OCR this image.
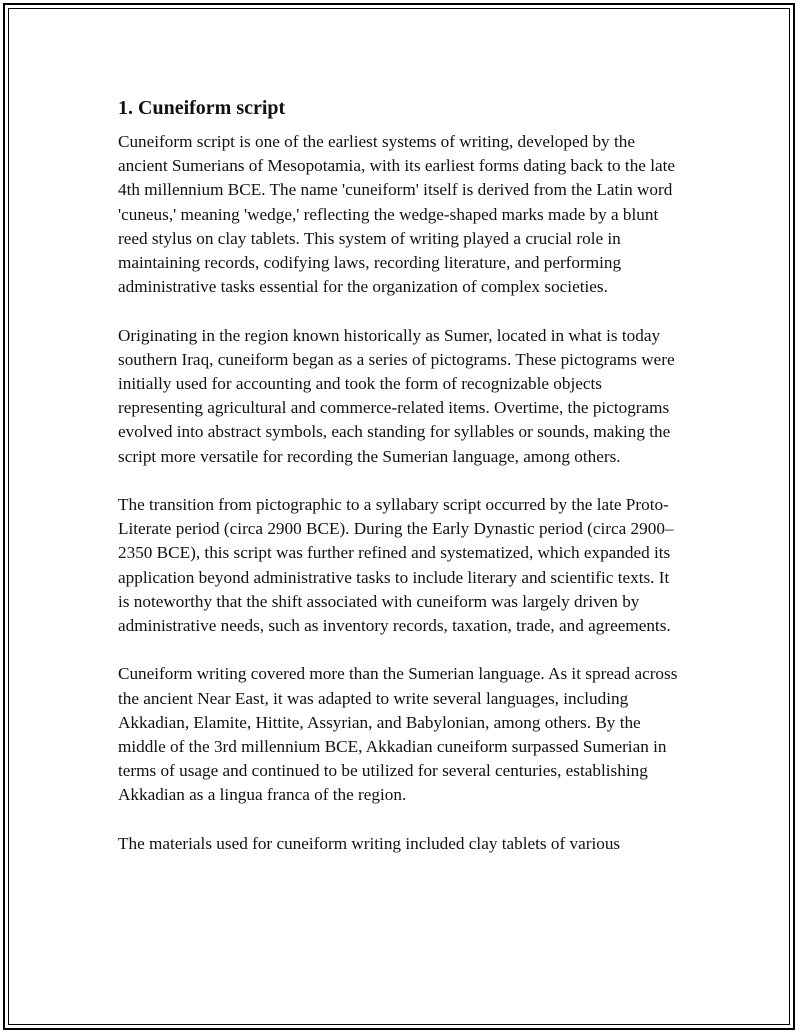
1. Cuneiform script

Cuneiform script is one of the earliest systems of writing, developed by the ancient Sumerians of Mesopotamia, with its earliest forms dating back to the late 4th millennium BCE. The name 'cuneiform' itself is derived from the Latin word 'cuneus,' meaning 'wedge,' reflecting the wedge-shaped marks made by a blunt reed stylus on clay tablets. This system of writing played a crucial role in maintaining records, codifying laws, recording literature, and performing administrative tasks essential for the organization of complex societies.

Originating in the region known historically as Sumer, located in what is today southern Iraq, cuneiform began as a series of pictograms. These pictograms were initially used for accounting and took the form of recognizable objects representing agricultural and commerce-related items. Overtime, the pictograms evolved into abstract symbols, each standing for syllables or sounds, making the script more versatile for recording the Sumerian language, among others.

The transition from pictographic to a syllabary script occurred by the late Proto-Literate period (circa 2900 BCE). During the Early Dynastic period (circa 2900–2350 BCE), this script was further refined and systematized, which expanded its application beyond administrative tasks to include literary and scientific texts. It is noteworthy that the shift associated with cuneiform was largely driven by administrative needs, such as inventory records, taxation, trade, and agreements.

Cuneiform writing covered more than the Sumerian language. As it spread across the ancient Near East, it was adapted to write several languages, including Akkadian, Elamite, Hittite, Assyrian, and Babylonian, among others. By the middle of the 3rd millennium BCE, Akkadian cuneiform surpassed Sumerian in terms of usage and continued to be utilized for several centuries, establishing Akkadian as a lingua franca of the region.

The materials used for cuneiform writing included clay tablets of various
